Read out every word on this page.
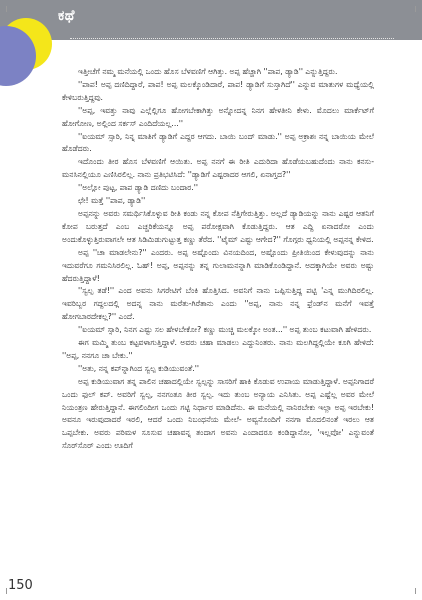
ಕಥೆ

ಇತ್ತೀಚೆಗೆ ನಮ್ಮ ಮನೆಯಲ್ಲಿ ಒಂದು ಹೊಸ ಬೆಳವಣಿಗೆ ಆಗಿತ್ತು. ಅಪ್ಪ ಹೆಚ್ಚಾಗಿ ''ಪಾಪ, ಡ್ಯಾಡಿ'' ಎನ್ನುತ್ತಿದ್ದರು.

''ಪಾಪ! ಅಪ್ಪ ದಣಿದಿದ್ದಾರೆ, ಪಾಪ! ಅಪ್ಪ ಮಲಕ್ಕೊಂಡಿದಾರೆ, ಪಾಪ! ಡ್ಯಾಡಿಗೆ ಸುಸ್ತಾಗಿದೆ'' ಎನ್ನುವ ಮಾತುಗಳ ಮಧ್ಯೆಯಲ್ಲಿ ಕೇಳಿಬರುತ್ತಿದ್ದವು.

''ಅಪ್ಪ, ಇವತ್ತು ನಾವು ಎಲ್ಲೆಲ್ಲಿಗೂ ಹೋಗಬೇಕಾಗಿತ್ತು ಅನ್ನೋದನ್ನ ನಿನಗ ಹೇಳತೀನಿ ಕೇಳು. ಮೊದಲು ಮಾರ್ಕೆಟ್‌ಗೆ ಹೋಗೋಣ, ಅಲ್ಲಿಂದ ಸರ್ಕಸ್ ಎಂದಿದೆಯಲ್ಲ...''

''ಐಯಮ್ ಸ್ಸಾರಿ, ನಿನ್ನ ಮಾತಿಗೆ ಡ್ಯಾಡಿಗೆ ಎದ್ದರ ಆಗದು. ಬಾಯಿ ಬಂದ್ ಮಾಡು.'' ಅಪ್ಪ ಅಕ್ರಾಶಃ ನನ್ನ ಬಾಯಿಯ ಮೇಲೆ ಹೊಡೆದರು.

ಇದೊಂದು ತೀರ ಹೊಸ ಬೆಳವಣಿಗೆ ಆಯಿತು. ಅಪ್ಪ ನನಗೆ ಈ ರೀತಿ ಎದುರಿದಾ ಹೊಡೆಯಬಹುದೆಂದು ನಾನು ಕನಸು-ಮನಸಿನಲ್ಲಿಯೂ ಎಣಿಸಿರಲಿಲ್ಲ. ನಾನು ಪ್ರತಿಭಟಿಸಿದೆ: ''ಡ್ಯಾಡಿಗೆ ಎಷ್ಟರಾದರ ಆಗಲಿ, ಏನಾಗ್ತದ?''

''ಅಲ್ಲೋ ಪುಟ್ಟ, ಪಾಪ ಡ್ಯಾಡಿ ದಣಿದು ಬಂದಾರ.''

ಛೇ! ಮತ್ತೆ ''ಪಾಪ, ಡ್ಯಾಡಿ''

ಅಪ್ಪನನ್ನು ಅವರು ಸಮರ್ಥಿಸಿಕೊಳ್ಳುವ ರೀತಿ ಕಂಡು ನನ್ನ ಕೋಪ ನೆತ್ತಿಗೇರುತ್ತಿತ್ತು. ಅಲ್ಲದೆ ಡ್ಯಾಡಿಯನ್ನು ನಾನು ಎಷ್ಟರ ಆತನಿಗೆ ಕೋಪ ಬರುತ್ತದೆ ಎಂಬ ಎಚ್ಚರಿಕೆಯನ್ನೂ ಅಪ್ಪ ಪರೋಕ್ಷವಾಗಿ ಕೊಡುತ್ತಿದ್ದರು. ಆತ ಎದ್ದಿ ಏನಾದರೋ ಎಂದು ಅಂದುಕೊಳ್ಳುತ್ತಿರುವಾಗಲೇ ಆತ ಸಿಡಿಮಿಡುಗುಟ್ಟುತ್ತ ಕಣ್ಣು ತೆರೆದ. ''ಟೈಮ್ ಎಷ್ಟು ಆಗೇದ?'' ಗೊಗ್ಗರು ಧ್ವನಿಯಲ್ಲಿ ಅಪ್ಪನನ್ನ ಕೇಳಿದ.

ಅಪ್ಪ ''ಚಾ ಮಾಡಲೇನು?'' ಎಂದರು. ಅಪ್ಪ ಅಷ್ಟೊಂದು ವಿನಯದಿಂದ, ಅಷ್ಟೊಂದು ಪ್ರೀತಿಯಿಂದ ಕೇಳುವುದನ್ನು ನಾನು ಇದುವರೆಗೂ ಗಮನಿಸಿರಲಿಲ್ಲ. ಓಹ್! ಅಪ್ಪ, ಅಪ್ಪನನ್ನು ತನ್ನ ಗುಲಾಮನನ್ನಾಗಿ ಮಾಡಿಕೊಂಡಿದ್ದಾನೆ. ಅದಕ್ಕಾಗಿಯೇ ಅವರು ಅಷ್ಟು ಹೆದರುತ್ತಿದ್ದಾಳೆ!

''ಸ್ವಲ್ಪ ತಡೆ!'' ಎಂದ ಅವನು ಸಿಗರೇಟಿಗೆ ಬೆಂಕಿ ಹೊತ್ತಿಸಿದ. ಅವನಿಗೆ ನಾನು ಒಪ್ಪಿಸುತ್ತಿದ್ದ ಪಟ್ಟಿ 'ಎನ್ನ ಮುಗಿದಿರಲಿಲ್ಲ. ಇವರಿಬ್ಬರ ಗದ್ದಲದಲ್ಲಿ ಅದನ್ನ ನಾನು ಮರೆತು-ಗಿರೆತಾನು ಎಂದು ''ಅಪ್ಪ, ನಾನು ನನ್ನ ಫ್ರೆಂಡ್‌ನ ಮನೆಗೆ ಇವತ್ತೆ ಹೋಗಬಾರದೇಕಲ್ಲ?'' ಎಂದೆ.

''ಐಯಮ್ ಸ್ಸಾರಿ, ನಿನಗ ಎಷ್ಟು ಸಲ ಹೇಳಬೇಕೋ? ಕಣ್ಣು ಮುಚ್ಚಿ ಮಲಕ್ಕೋ ಅಂತ...'' ಅಪ್ಪ ತುಂಬ ಕಟುವಾಗಿ ಹೇಳಿದರು.

ಈಗ ಮಮ್ಮಿ ತುಂಬ ಕಟ್ಟವಳಾಗುತ್ತಿದ್ದಾಳೆ. ಅವರು ಚಹಾ ಮಾಡಲು ಎದ್ದುನಿಂತರು. ನಾನು ಮಲಗಿದ್ದಲ್ಲಿಯೇ ಕೂಗಿ ಹೇಳಿದೆ: ''ಅಪ್ಪ, ನನಗೂ ಚಾ ಬೇಕು.''

''ಅತು, ನನ್ನ ಕಪ್‌ನ್ನಾಗಿಂದ ಸ್ವಲ್ಪ ಕುಡಿಯುವಂತೆ.''

ಅಪ್ಪ ಕುಡಿಯುವಾಗ ತನ್ನ ಪಾಲಿನ ಚಹಾದಲ್ಲಿಯೇ ಸ್ವಲ್ಪನ್ನು ಸಾಸರಿಗೆ ಹಾಕಿ ಕೊಡುವ ಉಪಾಯ ಮಾಡುತ್ತಿದ್ದಾಳೆ. ಅಪ್ಪನಿಗಾದರೆ ಒಂದು ಫುಲ್ ಕಪ್. ಅವರಿಗೆ ಸ್ವಲ್ಪ, ನನಗಂತೂ ತೀರ ಸ್ವಲ್ಪ. ಇದು ತುಂಬ ಅನ್ಯಾಯ ಎನಿಸಿತು. ಅಪ್ಪ ಎಷ್ಟೆಲ್ಲ ಅವರ ಮೇಲೆ ನಿಯಂತ್ರಣ ಹೇರುತ್ತಿದ್ದಾನೆ. ಈಗಲಿಂದೀಗ ಒಂದು ಗಟ್ಟಿ ನಿರ್ಧಾರ ಮಾಡಿದೆನು. ಈ ಮನೆಯಲ್ಲಿ ನಾನಿರಬೇಕು ಇಲ್ಲಾ ಅಪ್ಪ ಇರಬೇಕು! ಅವನೂ ಇರುವುದಾದರೆ ಇರಲಿ, ಆದರೆ ಒಂದು ನಿಬಂಧನೆಯ ಮೇಲೆ- ಅವ್ವನೊಂದಿಗೆ ನನಗಾ ಮೊದಲಿನಂತೆ ಇರಲು ಆತ ಒಪ್ಪಬೇಕು. ಅವರು ಪರಿಮಳ ಸೂಸುವ ಚಹಾವನ್ನ ತಂದಾಗ ಅವನು ಎಂದಾದರೂ ಕಂಡಿದ್ದಾನೋ, 'ಇಲ್ಲವೋ' ಎನ್ನುವಂತೆ ಸೊರ್‌ಸೊರ್ ಎಂದು ಊದಿಗೆ

150
